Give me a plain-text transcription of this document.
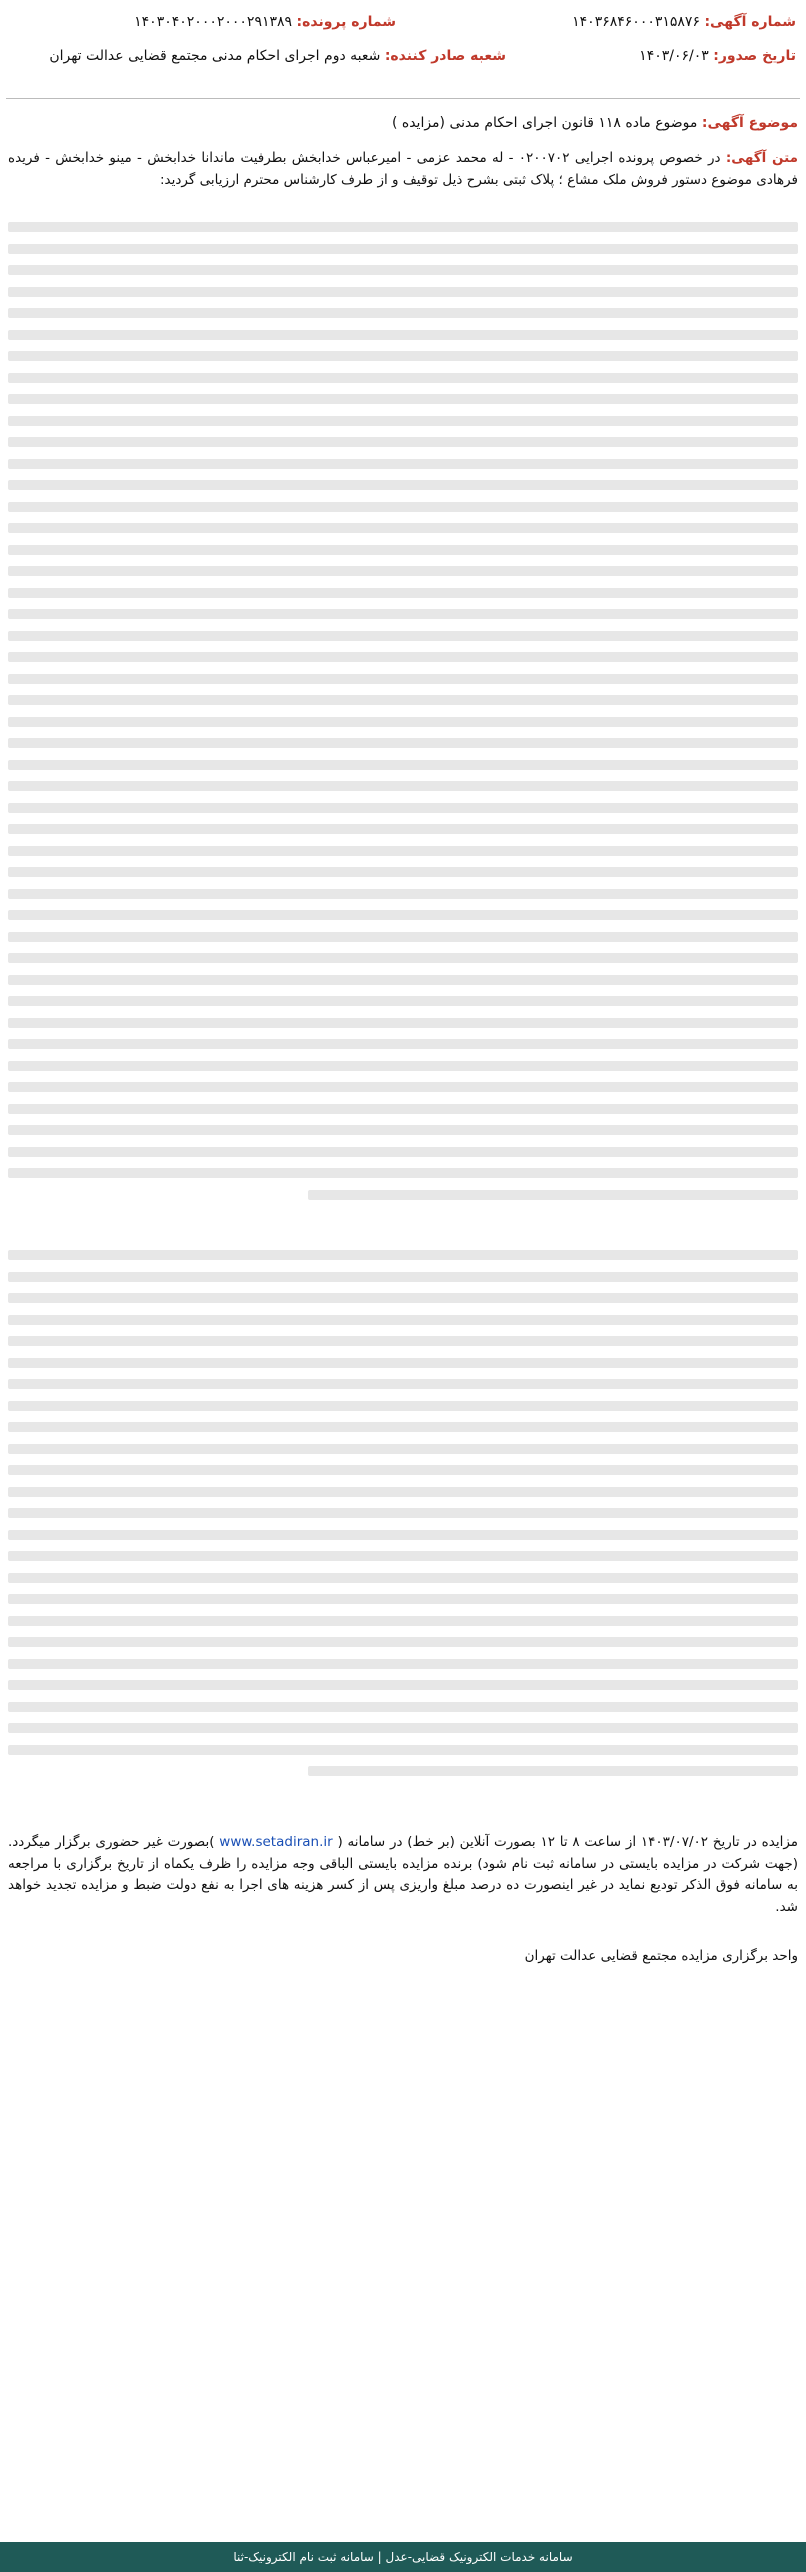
شماره آگهی: ۱۴۰۳۶۸۴۶۰۰۰۳۱۵۸۷۶
شماره پرونده: ۱۴۰۳۰۴۰۲۰۰۰۲۰۰۰۲۹۱۳۸۹
تاریخ صدور: ۱۴۰۳/۰۶/۰۳
شعبه صادر کننده: شعبه دوم اجرای احکام مدنی مجتمع قضایی عدالت تهران
موضوع آگهی: موضوع ماده ۱۱۸ قانون اجرای احکام مدنی (مزایده )
متن آگهی: در خصوص پرونده اجرایی ۰۲۰۰۷۰۲ - له محمد عزمی - امیرعباس خدابخش بطرفیت ماندانا خدابخش - مینو خدابخش - فریده فرهادی موضوع دستور فروش ملک مشاع ؛ پلاک ثبتی بشرح ذیل توقیف و از طرف کارشناس محترم ارزیابی گردید:
مزایده در تاریخ ۱۴۰۳/۰۷/۰۲ از ساعت ۸ تا ۱۲ بصورت آنلاین (بر خط) در سامانه ( www.setadiran.ir )بصورت غیر حضوری برگزار میگردد. (جهت شرکت در مزایده بایستی در سامانه ثبت نام شود) برنده مزایده بایستی الباقی وجه مزایده را ظرف یکماه از تاریخ برگزاری با مراجعه به سامانه فوق الذکر تودیع نماید در غیر اینصورت ده درصد مبلغ واریزی پس از کسر هزینه های اجرا به نفع دولت ضبط و مزایده تجدید خواهد شد.
واحد برگزاری مزایده مجتمع قضایی عدالت تهران
سامانه خدمات الکترونیک قضایی-عدل | سامانه ثبت نام الکترونیک-ثنا
